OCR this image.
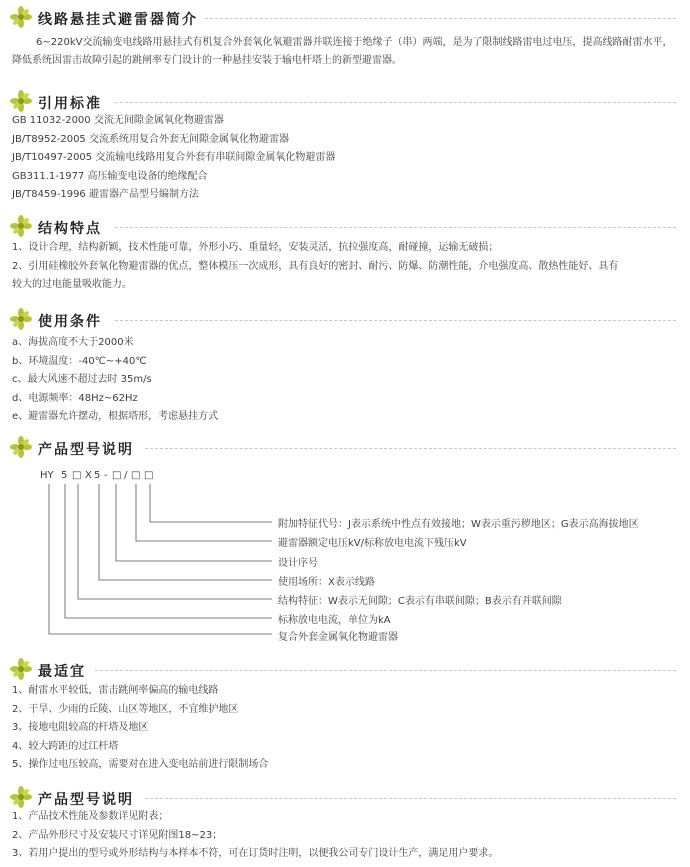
线路悬挂式避雷器简介
6~220kV交流输变电线路用悬挂式有机复合外套氧化氧避雷器并联连接于绝缘子（串）两端，是为了限制线路雷电过电压，提高线路耐雷水平，降低系统因雷击故障引起的跳闸率专门设计的一种悬挂安装于输电杆塔上的新型避雷器。
引用标准
GB 11032-2000 交流无间隙金属氧化物避雷器
JB/T8952-2005 交流系统用复合外套无间隙金属氧化物避雷器
JB/T10497-2005 交流输电线路用复合外套有串联间隙金属氧化物避雷器
GB311.1-1977 高压输变电设备的绝缘配合
JB/T8459-1996 避雷器产品型号编制方法
结构特点
1、设计合理，结构新颖，技术性能可靠，外形小巧、重量轻，安装灵活，抗拉强度高，耐碰撞，运输无破损；
2、引用硅橡胶外套氧化物避雷器的优点，整体模压一次成形，具有良好的密封、耐污、防爆、防潮性能，介电强度高、散热性能好、具有
较大的过电能量吸收能力。
使用条件
a、海拔高度不大于2000米
b、环境温度：-40℃~+40℃
c、最大风速不超过去时 35m/s
d、电源频率：48Hz~62Hz
e、避雷器允许摆动，根据塔形，考虑悬挂方式
产品型号说明
HY 5 □ X 5 - □ / □ □
附加特征代号：J表示系统中性点有效接地；W表示重污秽地区；G表示高海拔地区
避雷器额定电压kV/标称放电电流下残压kV
设计序号
使用场所：X表示线路
结构特征：W表示无间隙；C表示有串联间隙；B表示有并联间隙
标称放电电流，单位为kA
复合外套金属氧化物避雷器
最适宜
1、耐雷水平较低，雷击跳闸率偏高的输电线路
2、干旱、少雨的丘陵、山区等地区，不宜维护地区
3、接地电阻较高的杆塔及地区
4、较大跨距的过江杆塔
5、操作过电压较高，需要对在进入变电站前进行限制场合
产品型号说明
1、产品技术性能及参数详见附表；
2、产品外形尺寸及安装尺寸详见附图18~23；
3、若用户提出的型号或外形结构与本样本不符，可在订货时注明，以便我公司专门设计生产，满足用户要求。
